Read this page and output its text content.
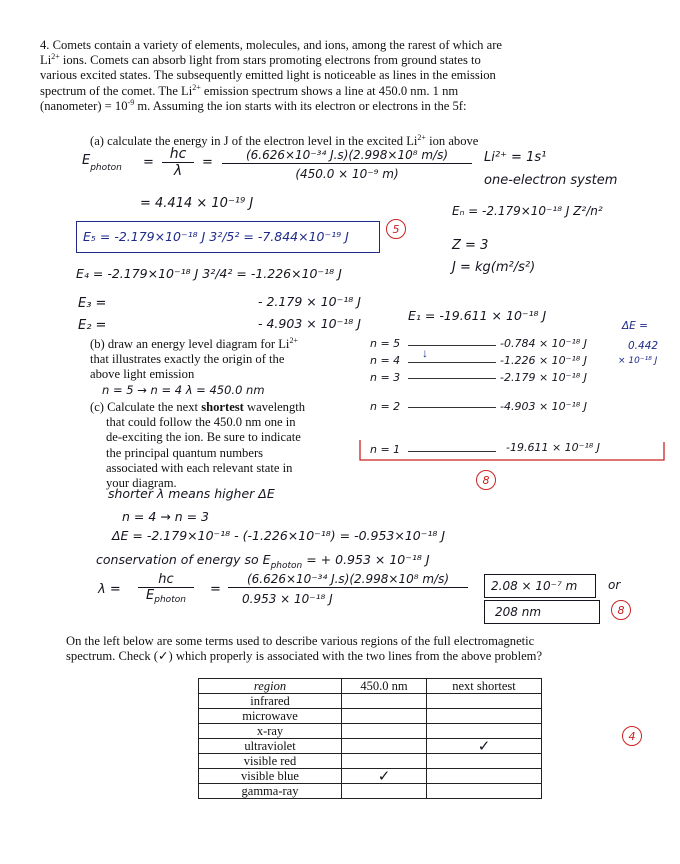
4. Comets contain a variety of elements, molecules, and ions, among the rarest of which are
$Li^{2+}$ ions. Comets can absorb light from stars promoting electrons from ground states to
various excited states. The subsequently emitted light is noticeable as lines in the emission
spectrum of the comet. The $Li^{2+}$ emission spectrum shows a line at 450.0 nm. 1 nm
(nanometer) = $10^{-9}$ m. Assuming the ion starts with its electron or electrons in the 5f:
(a) calculate the energy in J of the electron level in the excited $Li^{2+}$ ion above
$E_{photon}$ =
hc
λ
=	(6.626×10⁻³⁴ J.s)(2.998×10⁸ m/s)
(450.0 × 10⁻⁹ m)
= 4.414 × 10⁻¹⁹ J
Li²⁺ = 1s¹
one-electron system
Eₙ = -2.179×10⁻¹⁸ J Z²/n²
Z = 3
J = kg(m²/s²)
E₅ = -2.179×10⁻¹⁸ J 3²/5² = -7.844×10⁻¹⁹ J	5
E₄ = -2.179×10⁻¹⁸ J 3²/4² = -1.226×10⁻¹⁸ J
E₃ =	- 2.179 × 10⁻¹⁸ J
E₂ =	- 4.903 × 10⁻¹⁸ J
E₁ = -19.611 × 10⁻¹⁸ J
(b) draw an energy level diagram for $Li^{2+}$
that illustrates exactly the origin of the
above light emission
n = 5 → n = 4 λ = 450.0 nm
n = 5
n = 4
n = 3
n = 2
n = 1
↓
-0.784 × 10⁻¹⁸ J
-1.226 × 10⁻¹⁸ J
-2.179 × 10⁻¹⁸ J
-4.903 × 10⁻¹⁸ J
-19.611 × 10⁻¹⁸ J
ΔE =
0.442
× 10⁻¹⁸ J
(c) Calculate the next shortest wavelength
that could follow the 450.0 nm one in
de-exciting the ion. Be sure to indicate
the principal quantum numbers
associated with each relevant state in
your diagram.	8
shorter λ means higher ΔE
n = 4 → n = 3
ΔE = -2.179×10⁻¹⁸ - (-1.226×10⁻¹⁸) = -0.953×10⁻¹⁸ J
conservation of energy so $E_{photon}$ = + 0.953 × 10⁻¹⁸ J
λ =
hc
$E_{photon}$
=
(6.626×10⁻³⁴ J.s)(2.998×10⁸ m/s)
0.953 × 10⁻¹⁸ J
2.08 × 10⁻⁷ m	or
208 nm	8
On the left below are some terms used to describe various regions of the full electromagnetic
spectrum. Check (✓) which properly is associated with the two lines from the above problem?
region	450.0 nm	next shortest
infrared		
microwave		
x-ray		
ultraviolet		✓
visible red		
visible blue	✓	
gamma-ray		
4
